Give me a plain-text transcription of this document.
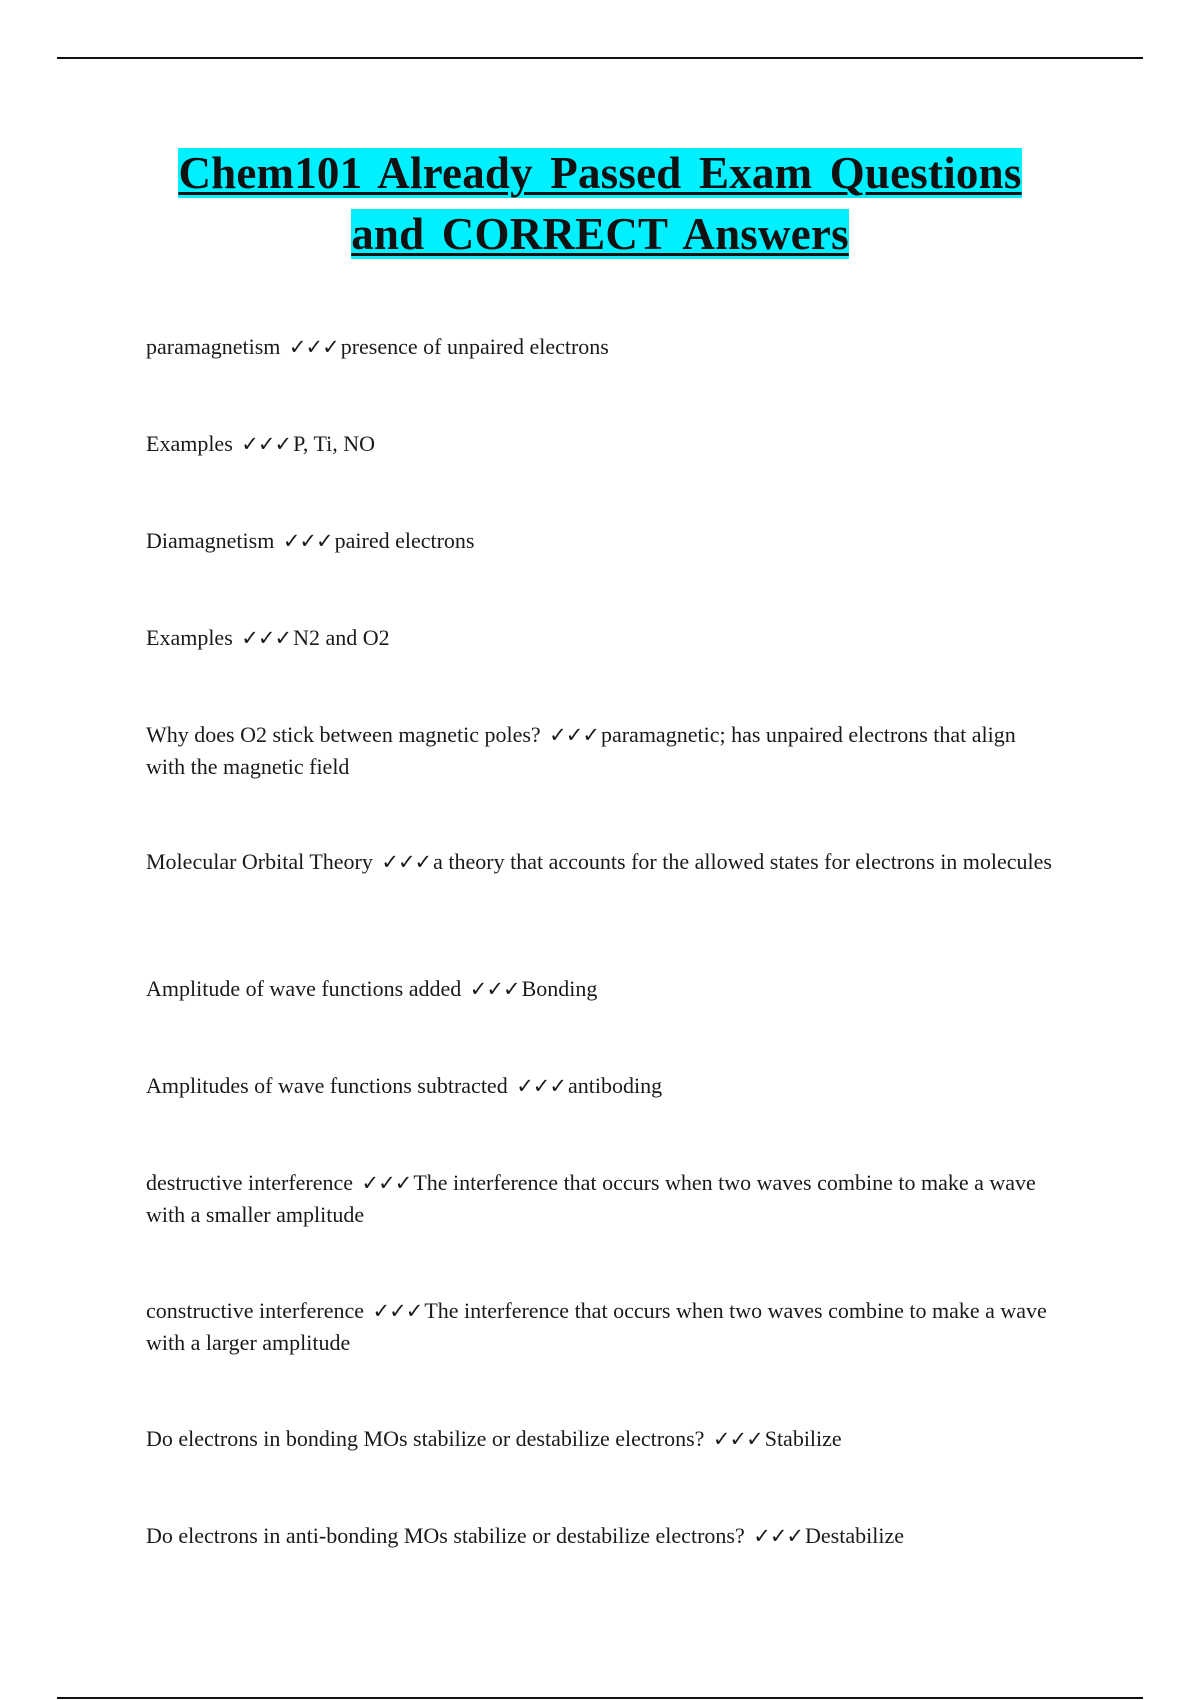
Chem101 Already Passed Exam Questions
and CORRECT Answers
paramagnetism ✓✓✓presence of unpaired electrons
Examples ✓✓✓P, Ti, NO
Diamagnetism ✓✓✓paired electrons
Examples ✓✓✓N2 and O2
Why does O2 stick between magnetic poles? ✓✓✓paramagnetic; has unpaired electrons that align with the magnetic field
Molecular Orbital Theory ✓✓✓a theory that accounts for the allowed states for electrons in molecules
Amplitude of wave functions added ✓✓✓Bonding
Amplitudes of wave functions subtracted ✓✓✓antiboding
destructive interference ✓✓✓The interference that occurs when two waves combine to make a wave with a smaller amplitude
constructive interference ✓✓✓The interference that occurs when two waves combine to make a wave with a larger amplitude
Do electrons in bonding MOs stabilize or destabilize electrons? ✓✓✓Stabilize
Do electrons in anti-bonding MOs stabilize or destabilize electrons? ✓✓✓Destabilize
